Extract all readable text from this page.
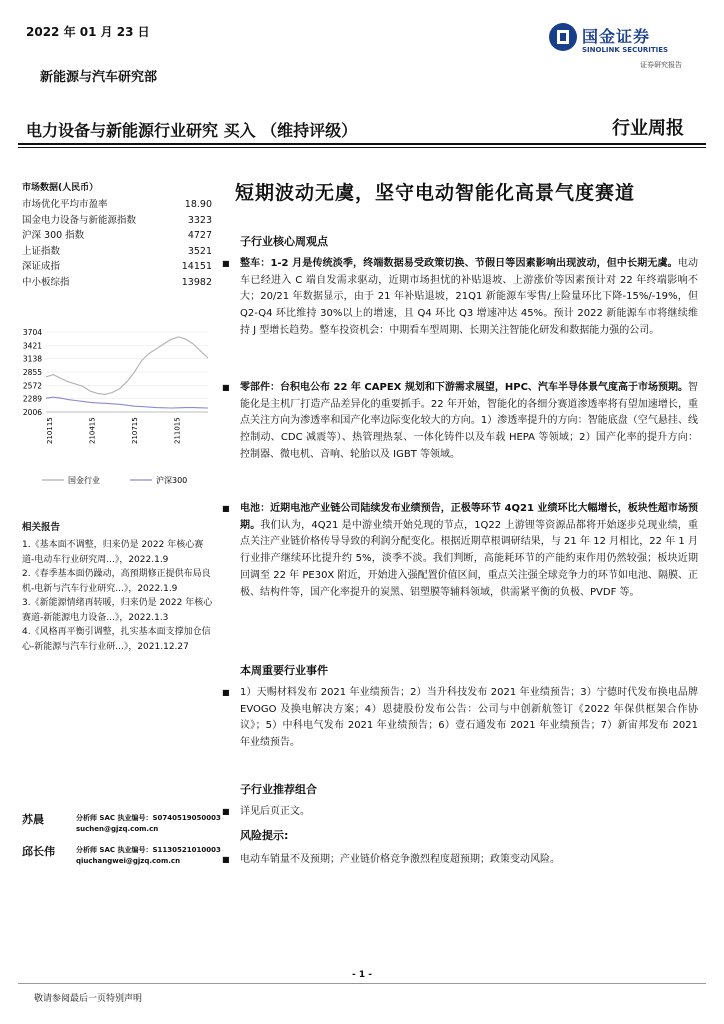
2022 年 01 月 23 日
新能源与汽车研究部
国金证券
SINOLINK SECURITIES
证券研究报告
电力设备与新能源行业研究 买入 （维持评级）	行业周报
市场数据(人民币）
市场优化平均市盈率	18.90
国金电力设备与新能源指数	3323
沪深 300 指数	4727
上证指数	3521
深证成指	14151
中小板综指	13982
3704
3421
3138
2855
2572
2289
2006
210115	210415	210715	211015
国金行业	沪深300
相关报告
1.《基本面不调整，归来仍是 2022 年核心赛道-电动车行业研究周...》，2022.1.9
2.《春季基本面仍躁动，高預期修正提供布局良机-电新与汽车行业研究...》，2022.1.9
3.《新能源情绪再转暖，归来仍是 2022 年核心赛道-新能源电力设备...》，2022.1.3
4.《风格再平衡引调整，扎实基本面支撑加仓信心-新能源与汽车行业研...》，2021.12.27
苏晨	分析师 SAC 执业编号：S0740519050003
suchen@gjzq.com.cn
邱长伟	分析师 SAC 执业编号：S1130521010003
qiuchangwei@gjzq.com.cn
短期波动无虞，坚守电动智能化高景气度赛道
子行业核心周观点
■ 整车：1-2 月是传统淡季，终端数据易受政策切换、节假日等因素影响出现波动，但中长期无虞。电动车已经进入 C 端自发需求驱动，近期市场担忧的补贴退坡、上游涨价等因素预计对 22 年终端影响不大；20/21 年数据显示，由于 21 年补贴退坡，21Q1 新能源车零售/上险量环比下降-15%/-19%，但 Q2-Q4 环比维持 30%以上的增速，且 Q4 环比 Q3 增速冲达 45%。预计 2022 新能源车市将继续维持 J 型增长趋势。整车投资机会：中期看车型周期、长期关注智能化研发和数据能力强的公司。
■ 零部件：台积电公布 22 年 CAPEX 规划和下游需求展望，HPC、汽车半导体景气度高于市场预期。智能化是主机厂打造产品差异化的重要抓手。22 年开始，智能化的各细分赛道渗透率将有望加速增长，重点关注方向为渗透率和国产化率边际变化较大的方向。1）渗透率提升的方向：智能底盘（空气悬挂、线控制动、CDC 减震等）、热管理热泵、一体化铸件以及车载 HEPA 等领域；2）国产化率的提升方向：控制器、微电机、音响、轮胎以及 IGBT 等领域。
■ 电池：近期电池产业链公司陆续发布业绩预告，正极等环节 4Q21 业绩环比大幅增长，板块性超市场预期。我们认为，4Q21 是中游业绩开始兑现的节点，1Q22 上游锂等资源品都将开始逐步兑现业绩，重点关注产业链价格传导导致的利润分配变化。根据近期草根调研结果，与 21 年 12 月相比，22 年 1 月行业排产继续环比提升约 5%，淡季不淡。我们判断，高能耗环节的产能約束作用仍然较强；板块近期回调至 22 年 PE30X 附近，开始进入强配置价值区间，重点关注强全球竞争力的环节如电池、隔膜、正极、结构件等，国产化率提升的炭黑、铝塑膜等辅料领域，供需紧平衡的负极、PVDF 等。
本周重要行业事件
■ 1）天赐材料发布 2021 年业绩预告；2）当升科技发布 2021 年业绩预告；3）宁德时代发布换电品牌 EVOGO 及换电解决方案；4）恩捷股份发布公告：公司与中创新航签订《2022 年保供框架合作协议》；5）中科电气发布 2021 年业绩预告；6）壹石通发布 2021 年业绩预告；7）新宙邦发布 2021 年业绩预告。
子行业推荐组合
■ 详见后页正文。
风险提示:
■ 电动车销量不及预期；产业链价格竞争激烈程度超预期；政策变动风险。
- 1 -
敬请参阅最后一页特别声明
